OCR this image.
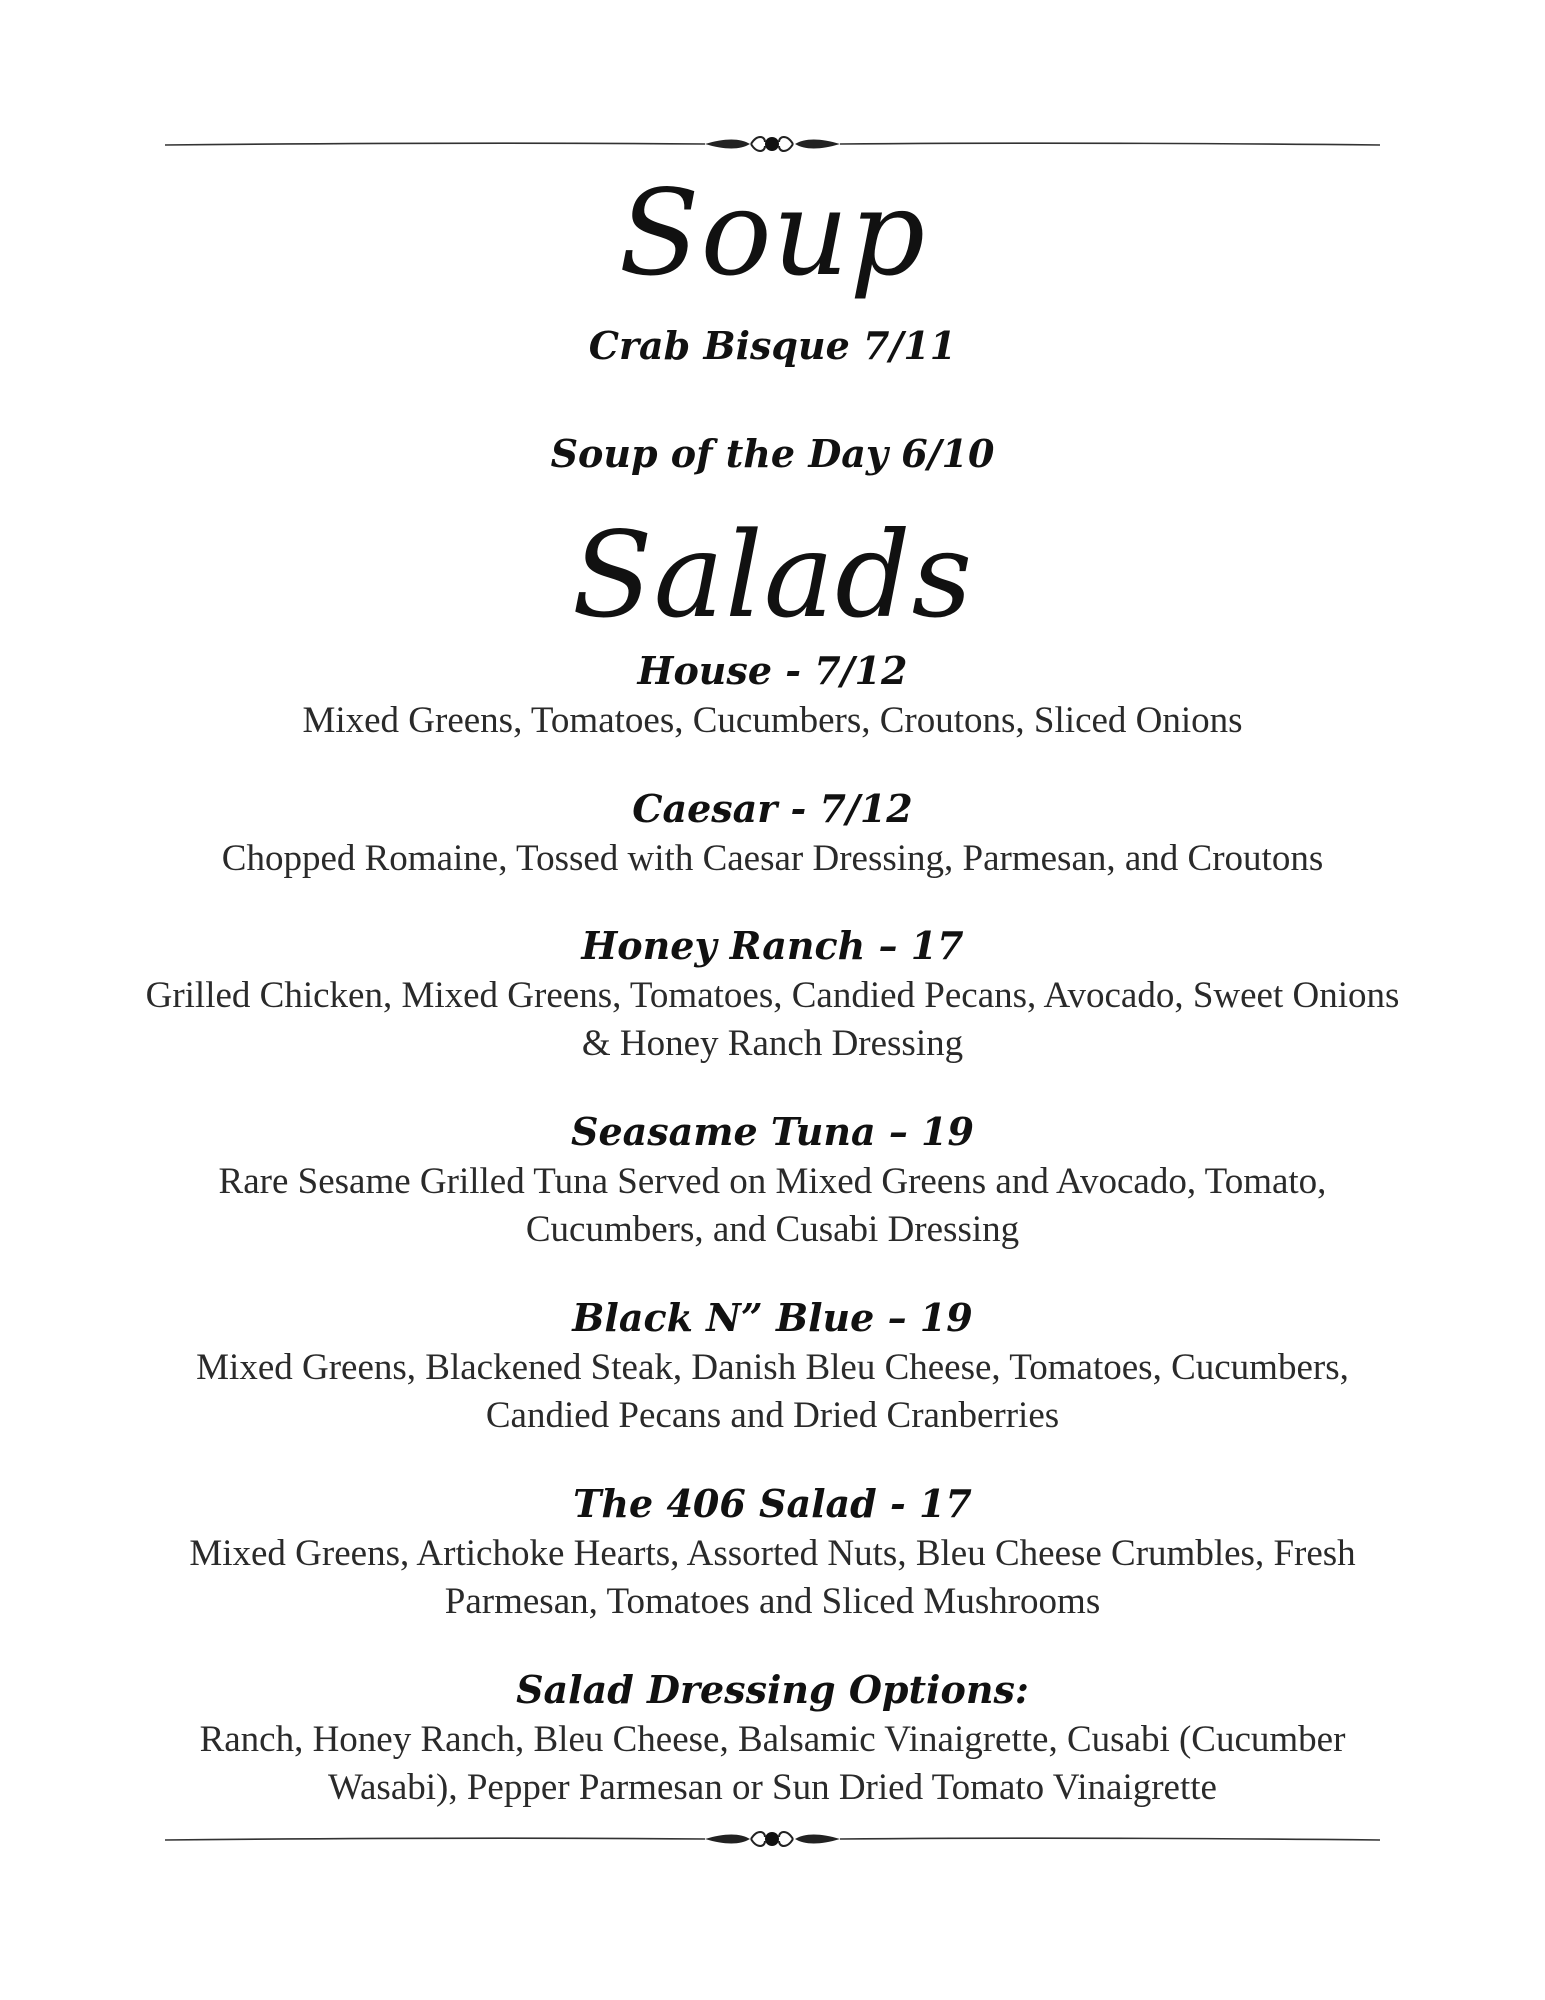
Soup
Crab Bisque 7/11
Soup of the Day 6/10
Salads
House - 7/12

Mixed Greens, Tomatoes, Cucumbers, Croutons, Sliced Onions

Caesar - 7/12

Chopped Romaine, Tossed with Caesar Dressing, Parmesan, and Croutons

Honey Ranch – 17

Grilled Chicken, Mixed Greens, Tomatoes, Candied Pecans, Avocado, Sweet Onions & Honey Ranch Dressing

Seasame Tuna – 19

Rare Sesame Grilled Tuna Served on Mixed Greens and Avocado, Tomato, Cucumbers, and Cusabi Dressing

Black N” Blue – 19

Mixed Greens, Blackened Steak, Danish Bleu Cheese, Tomatoes, Cucumbers, Candied Pecans and Dried Cranberries

The 406 Salad - 17

Mixed Greens, Artichoke Hearts, Assorted Nuts, Bleu Cheese Crumbles, Fresh Parmesan, Tomatoes and Sliced Mushrooms

Salad Dressing Options:

Ranch, Honey Ranch, Bleu Cheese, Balsamic Vinaigrette, Cusabi (Cucumber Wasabi), Pepper Parmesan or Sun Dried Tomato Vinaigrette
